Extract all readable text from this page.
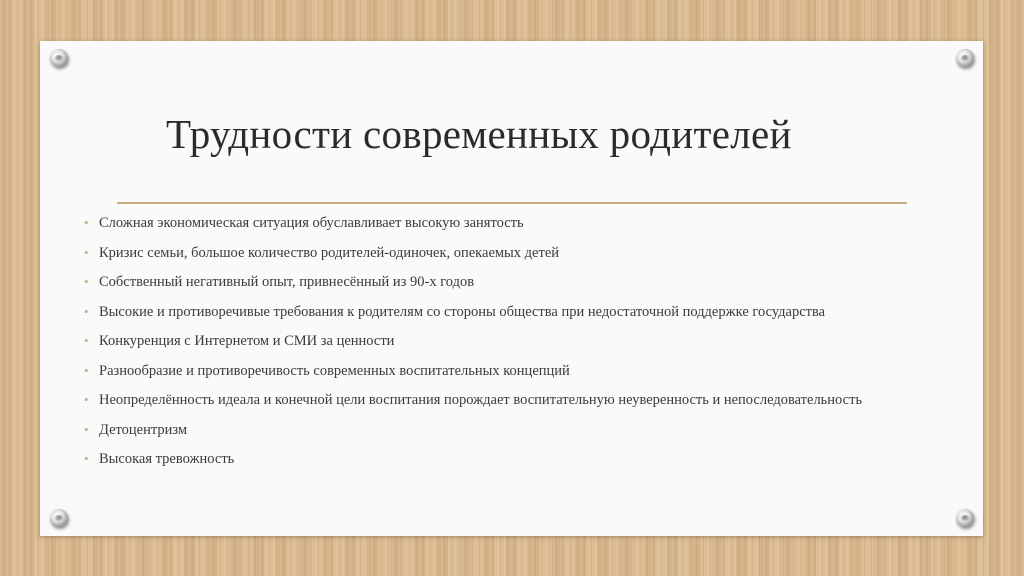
Трудности современных родителей
• Сложная экономическая ситуация обуславливает высокую занятость
• Кризис семьи, большое количество родителей-одиночек, опекаемых детей
• Собственный негативный опыт, привнесённый из 90-х годов
• Высокие и противоречивые требования к родителям со стороны общества при недостаточной поддержке государства
• Конкуренция с Интернетом и СМИ за ценности
• Разнообразие и противоречивость современных воспитательных концепций
• Неопределённость идеала и конечной цели воспитания порождает воспитательную неуверенность и непоследовательность
• Детоцентризм
• Высокая тревожность
